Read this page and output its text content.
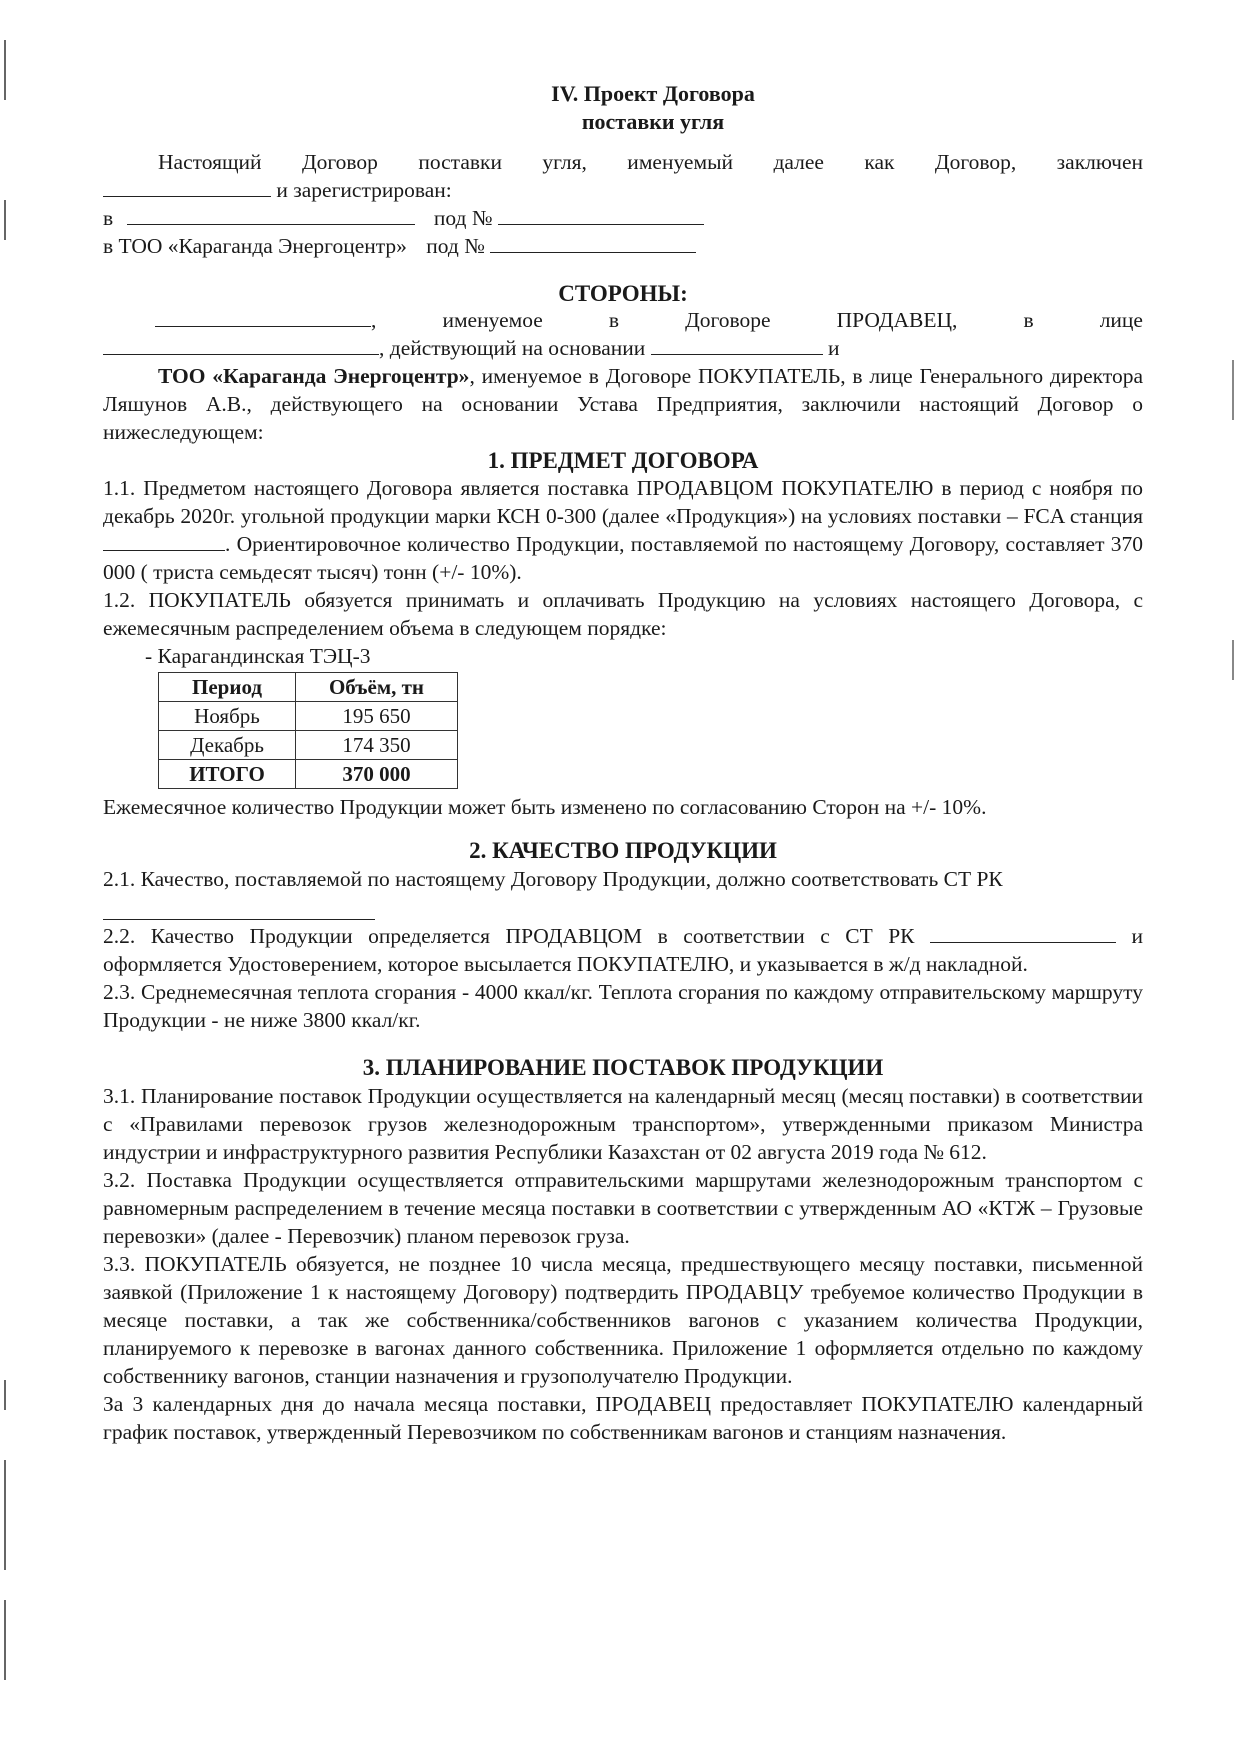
IV. Проект Договора
поставки угля

Настоящий Договор поставки угля, именуемый далее как Договор, заключен

и зарегистрирован:

в	под №

в ТОО «Караганда Энергоцентр» под №

СТОРОНЫ:

,	именуемое	в	Договоре	ПРОДАВЕЦ,	в	лице

, действующий на основании	и

ТОО «Караганда Энергоцентр», именуемое в Договоре ПОКУПАТЕЛЬ, в лице Генерального директора Ляшунов А.В., действующего на основании Устава Предприятия, заключили настоящий Договор о нижеследующем:

1. ПРЕДМЕТ ДОГОВОРА

1.1. Предметом настоящего Договора является поставка ПРОДАВЦОМ ПОКУПАТЕЛЮ в период с ноября по декабрь 2020г. угольной продукции марки КСН 0-300 (далее «Продукция») на условиях поставки – FCA станция . Ориентировочное количество Продукции, поставляемой по настоящему Договору, составляет 370 000 ( триста семьдесят тысяч) тонн (+/- 10%).

1.2. ПОКУПАТЕЛЬ обязуется принимать и оплачивать Продукцию на условиях настоящего Договора, с ежемесячным распределением объема в следующем порядке:

- Карагандинская ТЭЦ-3

Период	Объём, тн
Ноябрь	195 650
Декабрь	174 350
ИТОГО	370 000

Ежемесячное количество Продукции может быть изменено по согласованию Сторон на +/- 10%.

2. КАЧЕСТВО ПРОДУКЦИИ

2.1. Качество, поставляемой по настоящему Договору Продукции, должно соответствовать СТ РК

2.2. Качество Продукции определяется ПРОДАВЦОМ в соответствии с СТ РК	и оформляется Удостоверением, которое высылается ПОКУПАТЕЛЮ, и указывается в ж/д накладной.

2.3. Среднемесячная теплота сгорания - 4000 ккал/кг. Теплота сгорания по каждому отправительскому маршруту Продукции - не ниже 3800 ккал/кг.

3. ПЛАНИРОВАНИЕ ПОСТАВОК ПРОДУКЦИИ

3.1. Планирование поставок Продукции осуществляется на календарный месяц (месяц поставки) в соответствии с «Правилами перевозок грузов железнодорожным транспортом», утвержденными приказом Министра индустрии и инфраструктурного развития Республики Казахстан от 02 августа 2019 года № 612.

3.2. Поставка Продукции осуществляется отправительскими маршрутами железнодорожным транспортом с равномерным распределением в течение месяца поставки в соответствии с утвержденным АО «КТЖ – Грузовые перевозки» (далее - Перевозчик) планом перевозок груза.

3.3. ПОКУПАТЕЛЬ обязуется, не позднее 10 числа месяца, предшествующего месяцу поставки, письменной заявкой (Приложение 1 к настоящему Договору) подтвердить ПРОДАВЦУ требуемое количество Продукции в месяце поставки, а так же собственника/собственников вагонов с указанием количества Продукции, планируемого к перевозке в вагонах данного собственника. Приложение 1 оформляется отдельно по каждому собственнику вагонов, станции назначения и грузополучателю Продукции.

За 3 календарных дня до начала месяца поставки, ПРОДАВЕЦ предоставляет ПОКУПАТЕЛЮ календарный график поставок, утвержденный Перевозчиком по собственникам вагонов и станциям назначения.
